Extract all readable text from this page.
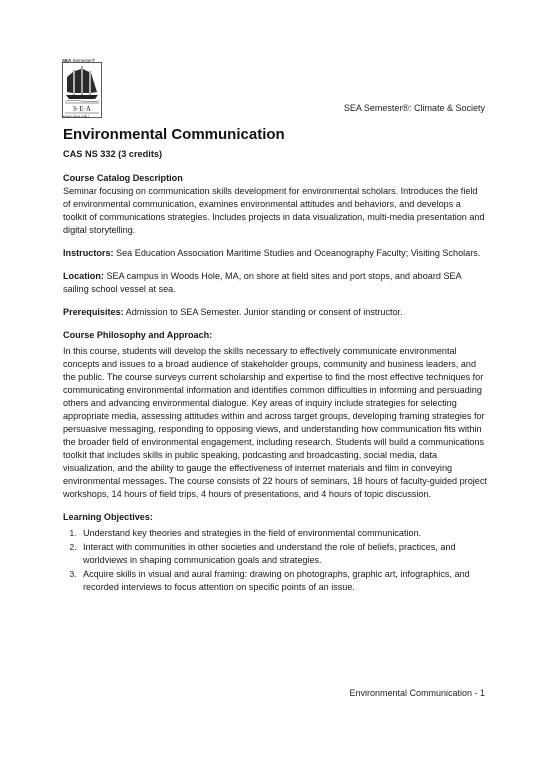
SEA Semester®
S·E·A
www.sea.edu
SEA Semester®: Climate & Society
Environmental Communication
CAS NS 332 (3 credits)
Course Catalog Description

Seminar focusing on communication skills development for environmental scholars. Introduces the field of environmental communication, examines environmental attitudes and behaviors, and develops a toolkit of communications strategies. Includes projects in data visualization, multi-media presentation and digital storytelling.

Instructors: Sea Education Association Maritime Studies and Oceanography Faculty; Visiting Scholars.

Location: SEA campus in Woods Hole, MA, on shore at field sites and port stops, and aboard SEA sailing school vessel at sea.

Prerequisites: Admission to SEA Semester. Junior standing or consent of instructor.

Course Philosophy and Approach:

In this course, students will develop the skills necessary to effectively communicate environmental concepts and issues to a broad audience of stakeholder groups, community and business leaders, and the public. The course surveys current scholarship and expertise to find the most effective techniques for communicating environmental information and identifies common difficulties in informing and persuading others and advancing environmental dialogue. Key areas of inquiry include strategies for selecting appropriate media, assessing attitudes within and across target groups, developing framing strategies for persuasive messaging, responding to opposing views, and understanding how communication fits within the broader field of environmental engagement, including research. Students will build a communications toolkit that includes skills in public speaking, podcasting and broadcasting, social media, data visualization, and the ability to gauge the effectiveness of internet materials and film in conveying environmental messages. The course consists of 22 hours of seminars, 18 hours of faculty-guided project workshops, 14 hours of field trips, 4 hours of presentations, and 4 hours of topic discussion.

Learning Objectives:
1. Understand key theories and strategies in the field of environmental communication.
2. Interact with communities in other societies and understand the role of beliefs, practices, and worldviews in shaping communication goals and strategies.
3. Acquire skills in visual and aural framing: drawing on photographs, graphic art, infographics, and recorded interviews to focus attention on specific points of an issue.
Environmental Communication - 1
